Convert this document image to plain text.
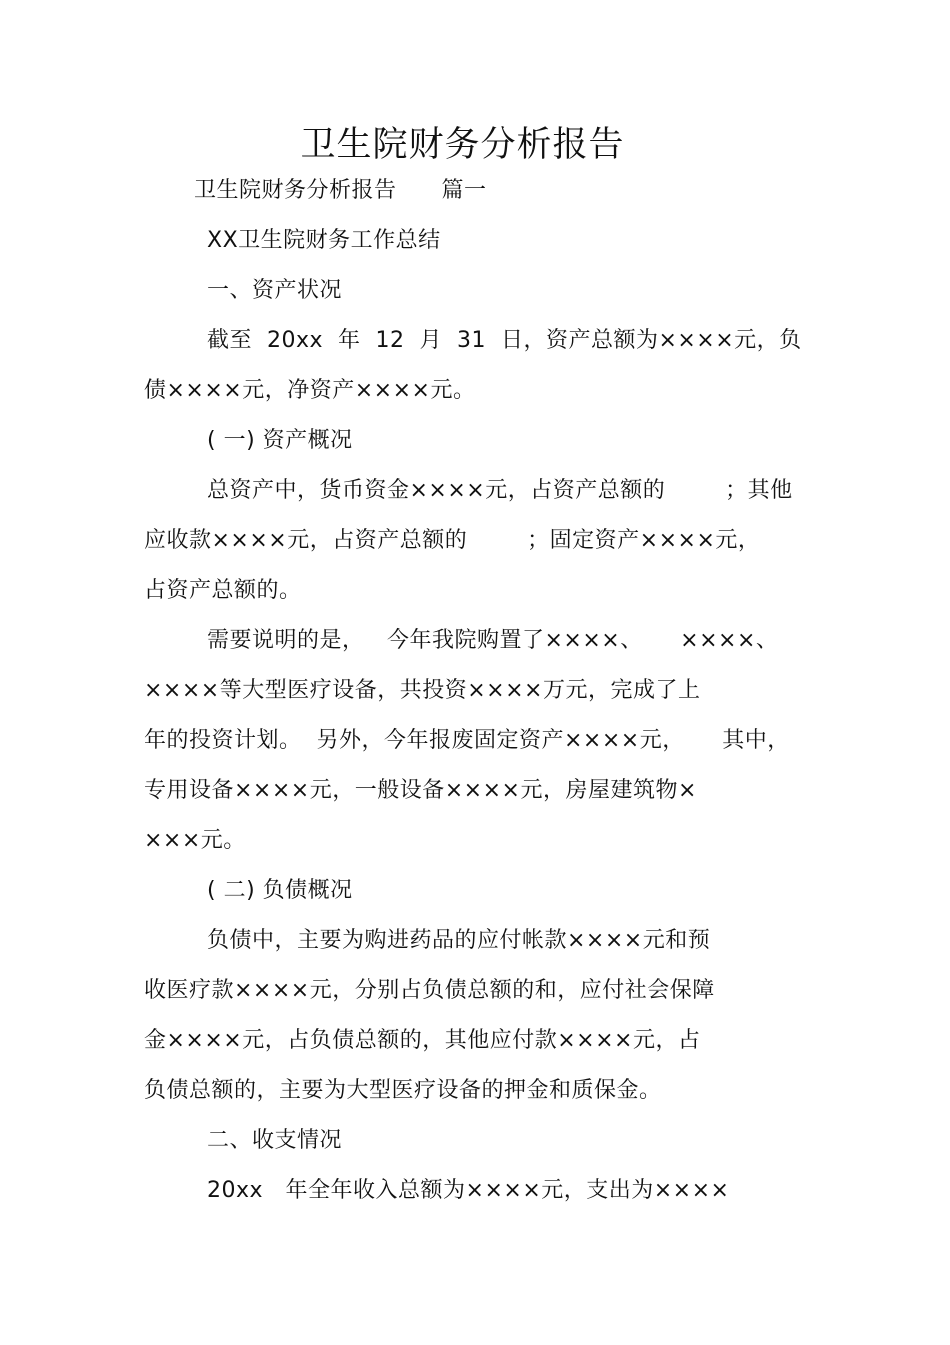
卫生院财务分析报告
卫生院财务分析报告      篇一
XX卫生院财务工作总结
一、资产状况
截至  20xx  年  12  月  31  日，资产总额为××××元，负
债××××元，净资产××××元。
( 一) 资产概况
总资产中，货币资金××××元，占资产总额的        ；其他
应收款××××元，占资产总额的        ；固定资产××××元，
占资产总额的。
需要说明的是，   今年我院购置了××××、     ××××、
××××等大型医疗设备，共投资××××万元，完成了上
年的投资计划。  另外，今年报废固定资产××××元，     其中，
专用设备××××元，一般设备××××元，房屋建筑物×
×××元。
( 二) 负债概况
负债中，主要为购进药品的应付帐款××××元和预
收医疗款××××元，分别占负债总额的和，应付社会保障
金××××元，占负债总额的，其他应付款××××元，占
负债总额的，主要为大型医疗设备的押金和质保金。
二、收支情况
20xx   年全年收入总额为××××元，支出为××××
